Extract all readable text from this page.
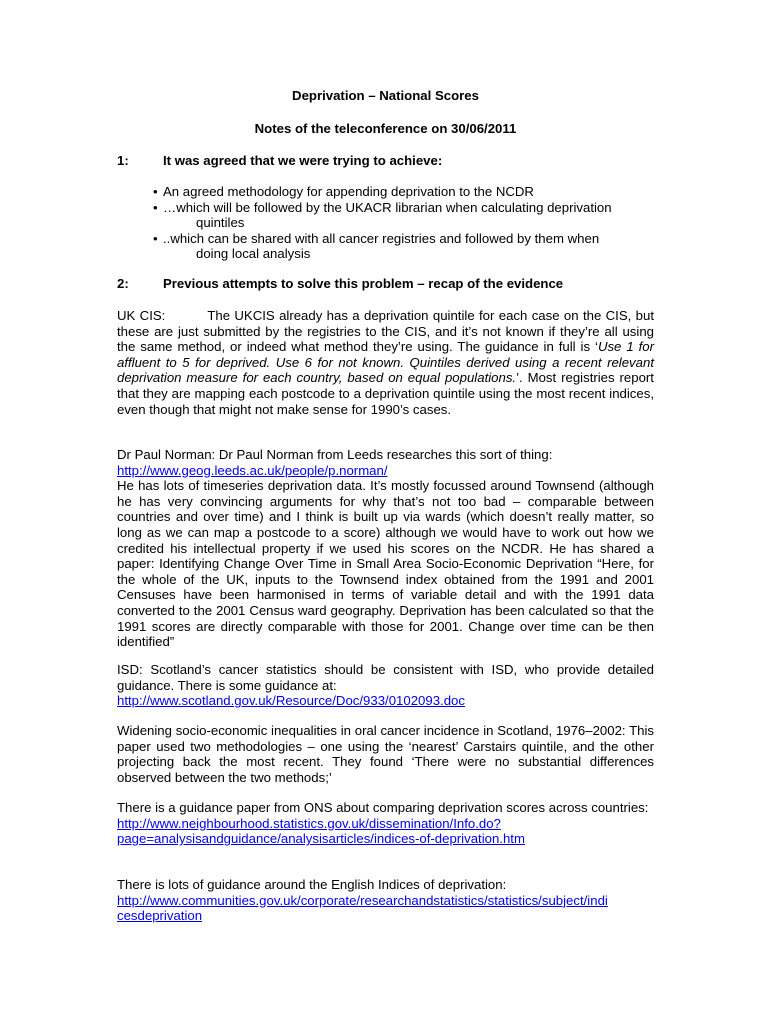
Deprivation – National Scores
Notes of the teleconference on 30/06/2011
1:	It was agreed that we were trying to achieve:
• An agreed methodology for appending deprivation to the NCDR
• …which will be followed by the UKACR librarian when calculating deprivation
quintiles
• ..which can be shared with all cancer registries and followed by them when
doing local analysis
2:	Previous attempts to solve this problem – recap of the evidence
UK CIS:	The UKCIS already has a deprivation quintile for each case on the CIS, but these are just submitted by the registries to the CIS, and it’s not known if they’re all using the same method, or indeed what method they’re using. The guidance in full is ‘Use 1 for affluent to 5 for deprived. Use 6 for not known. Quintiles derived using a recent relevant deprivation measure for each country, based on equal populations.’. Most registries report that they are mapping each postcode to a deprivation quintile using the most recent indices, even though that might not make sense for 1990’s cases.
Dr Paul Norman: Dr Paul Norman from Leeds researches this sort of thing:
http://www.geog.leeds.ac.uk/people/p.norman/
He has lots of timeseries deprivation data. It’s mostly focussed around Townsend (although he has very convincing arguments for why that’s not too bad – comparable between countries and over time) and I think is built up via wards (which doesn’t really matter, so long as we can map a postcode to a score) although we would have to work out how we credited his intellectual property if we used his scores on the NCDR. He has shared a paper: Identifying Change Over Time in Small Area Socio-Economic Deprivation “Here, for the whole of the UK, inputs to the Townsend index obtained from the 1991 and 2001 Censuses have been harmonised in terms of variable detail and with the 1991 data converted to the 2001 Census ward geography. Deprivation has been calculated so that the 1991 scores are directly comparable with those for 2001. Change over time can be then identified”
ISD: Scotland’s cancer statistics should be consistent with ISD, who provide detailed guidance. There is some guidance at:
http://www.scotland.gov.uk/Resource/Doc/933/0102093.doc
Widening socio-economic inequalities in oral cancer incidence in Scotland, 1976–2002: This paper used two methodologies – one using the ‘nearest’ Carstairs quintile, and the other projecting back the most recent. They found ‘There were no substantial differences observed between the two methods;’
There is a guidance paper from ONS about comparing deprivation scores across countries:
http://www.neighbourhood.statistics.gov.uk/dissemination/Info.do?
page=analysisandguidance/analysisarticles/indices-of-deprivation.htm
There is lots of guidance around the English Indices of deprivation:
http://www.communities.gov.uk/corporate/researchandstatistics/statistics/subject/indi
cesdeprivation
